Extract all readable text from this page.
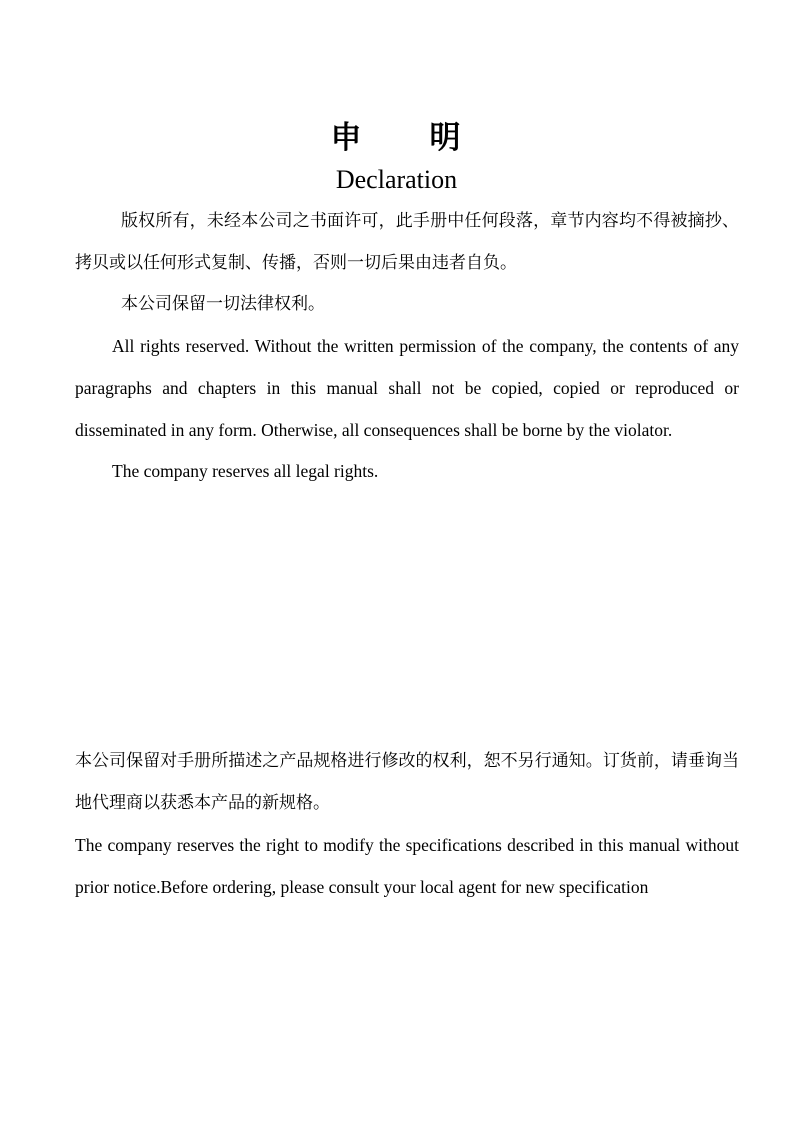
申 明
Declaration

版权所有，未经本公司之书面许可，此手册中任何段落，章节内容均不得被摘抄、拷贝或以任何形式复制、传播，否则一切后果由违者自负。

本公司保留一切法律权利。

All rights reserved. Without the written permission of the company, the contents of any paragraphs and chapters in this manual shall not be copied, copied or reproduced or disseminated in any form. Otherwise, all consequences shall be borne by the violator.

The company reserves all legal rights.

本公司保留对手册所描述之产品规格进行修改的权利，恕不另行通知。订货前，请垂询当地代理商以获悉本产品的新规格。

The company reserves the right to modify the specifications described in this manual without prior notice.Before ordering, please consult your local agent for new specification
